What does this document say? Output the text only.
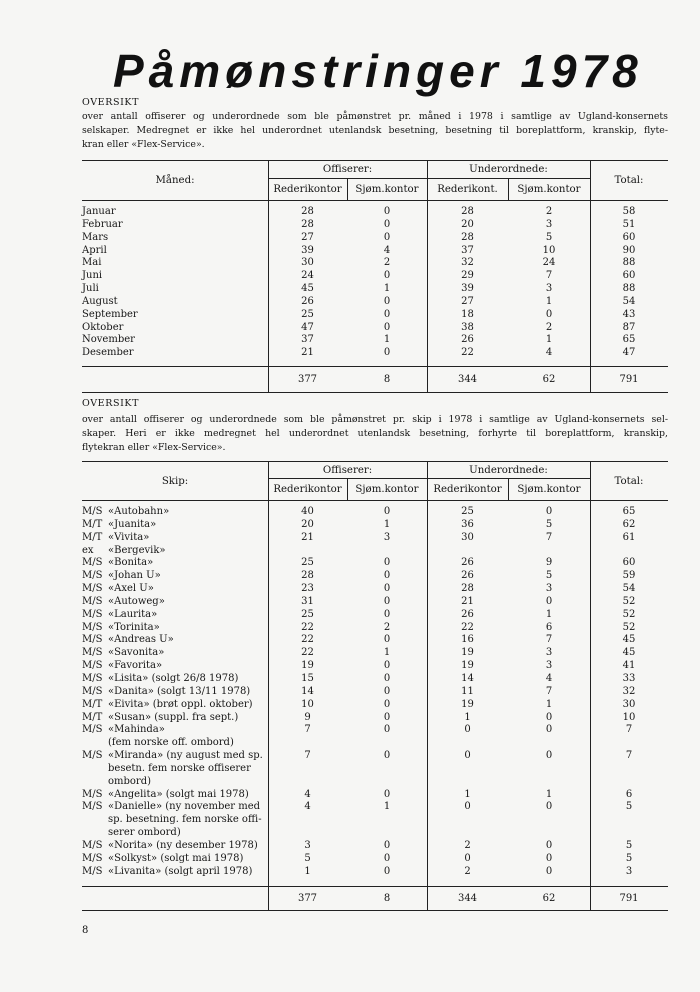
Påmønstringer 1978
OVERSIKT
over antall offiserer og underordnede som ble påmønstret pr. måned i 1978 i samtlige av Ugland-konsernets
selskaper. Medregnet er ikke hel underordnet utenlandsk besetning, besetning til boreplattform, kranskip, flyte-
kran eller «Flex-Service».
Måned:
Offiserer:	Underordnede:
Total:
Rederikontor	Sjøm.kontor	Rederikont.	Sjøm.kontor
Januar	28	0	28	2	58
Februar	28	0	20	3	51
Mars	27	0	28	5	60
April	39	4	37	10	90
Mai	30	2	32	24	88
Juni	24	0	29	7	60
Juli	45	1	39	3	88
August	26	0	27	1	54
September	25	0	18	0	43
Oktober	47	0	38	2	87
November	37	1	26	1	65
Desember	21	0	22	4	47
377	8	344	62	791
OVERSIKT
over antall offiserer og underordnede som ble påmønstret pr. skip i 1978 i samtlige av Ugland-konsernets sel-
skaper. Heri er ikke medregnet hel underordnet utenlandsk besetning, forhyrte til boreplattform, kranskip,
flytekran eller «Flex-Service».
Skip:
Offiserer:	Underordnede:
Total:
Rederikontor	Sjøm.kontor	Rederikontor	Sjøm.kontor
M/S «Autobahn»	40	0	25	0	65
M/T «Juanita»	20	1	36	5	62
M/T «Vivita»	21	3	30	7	61
ex	«Bergevik»
M/S «Bonita»	25	0	26	9	60
M/S «Johan U»	28	0	26	5	59
M/S «Axel U»	23	0	28	3	54
M/S «Autoweg»	31	0	21	0	52
M/S «Laurita»	25	0	26	1	52
M/S «Torinita»	22	2	22	6	52
M/S «Andreas U»	22	0	16	7	45
M/S «Savonita»	22	1	19	3	45
M/S «Favorita»	19	0	19	3	41
M/S «Lisita» (solgt 26/8 1978)	15	0	14	4	33
M/S «Danita» (solgt 13/11 1978)	14	0	11	7	32
M/T «Eivita» (brøt oppl. oktober)	10	0	19	1	30
M/T «Susan» (suppl. fra sept.)	9	0	1	0	10
M/S «Mahinda»
(fem norske off. ombord)
7	0	0	0	7
M/S «Miranda» (ny august med sp.
besetn. fem norske offiserer
ombord)
7	0	0	0	7
M/S «Angelita» (solgt mai 1978)	4	0	1	1	6
M/S «Danielle» (ny november med
sp. besetning. fem norske offi-
serer ombord)
4	1	0	0	5
M/S «Norita» (ny desember 1978)	3	0	2	0	5
M/S «Solkyst» (solgt mai 1978)	5	0	0	0	5
M/S «Livanita» (solgt april 1978)	1	0	2	0	3
377	8	344	62	791
8
